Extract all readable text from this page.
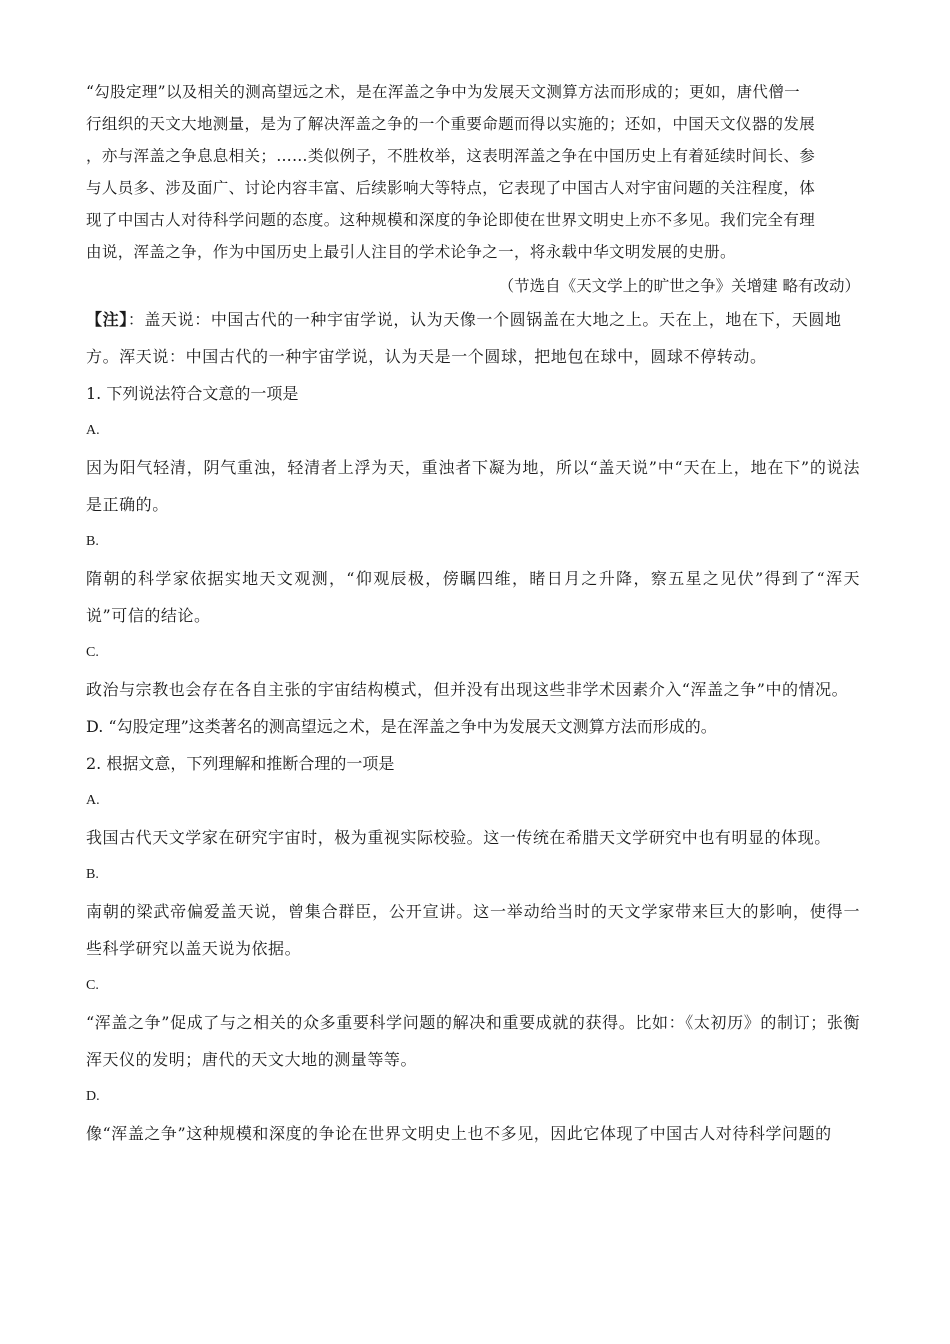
“勾股定理”以及相关的测高望远之术，是在浑盖之争中为发展天文测算方法而形成的；更如，唐代僧一
行组织的天文大地测量，是为了解决浑盖之争的一个重要命题而得以实施的；还如，中国天文仪器的发展
，亦与浑盖之争息息相关；……类似例子，不胜枚举，这表明浑盖之争在中国历史上有着延续时间长、参
与人员多、涉及面广、讨论内容丰富、后续影响大等特点，它表现了中国古人对宇宙问题的关注程度，体
现了中国古人对待科学问题的态度。这种规模和深度的争论即使在世界文明史上亦不多见。我们完全有理
由说，浑盖之争，作为中国历史上最引人注目的学术论争之一，将永载中华文明发展的史册。
（节选自《天文学上的旷世之争》关增建 略有改动）
【注】：盖天说：中国古代的一种宇宙学说，认为天像一个圆锅盖在大地之上。天在上，地在下，天圆地方。浑天说：中国古代的一种宇宙学说，认为天是一个圆球，把地包在球中，圆球不停转动。
1. 下列说法符合文意的一项是
A.
因为阳气轻清，阴气重浊，轻清者上浮为天，重浊者下凝为地，所以“盖天说”中“天在上，地在下”的说法是正确的。
B.
隋朝的科学家依据实地天文观测，“仰观辰极，傍瞩四维，睹日月之升降，察五星之见伏”得到了“浑天说”可信的结论。
C.
政治与宗教也会存在各自主张的宇宙结构模式，但并没有出现这些非学术因素介入“浑盖之争”中的情况。
D. “勾股定理”这类著名的测高望远之术，是在浑盖之争中为发展天文测算方法而形成的。
2. 根据文意，下列理解和推断合理的一项是
A.
我国古代天文学家在研究宇宙时，极为重视实际校验。这一传统在希腊天文学研究中也有明显的体现。
B.
南朝的梁武帝偏爱盖天说，曾集合群臣，公开宣讲。这一举动给当时的天文学家带来巨大的影响，使得一些科学研究以盖天说为依据。
C.
“浑盖之争”促成了与之相关的众多重要科学问题的解决和重要成就的获得。比如：《太初历》的制订；张衡浑天仪的发明；唐代的天文大地的测量等等。
D.
像“浑盖之争”这种规模和深度的争论在世界文明史上也不多见，因此它体现了中国古人对待科学问题的
